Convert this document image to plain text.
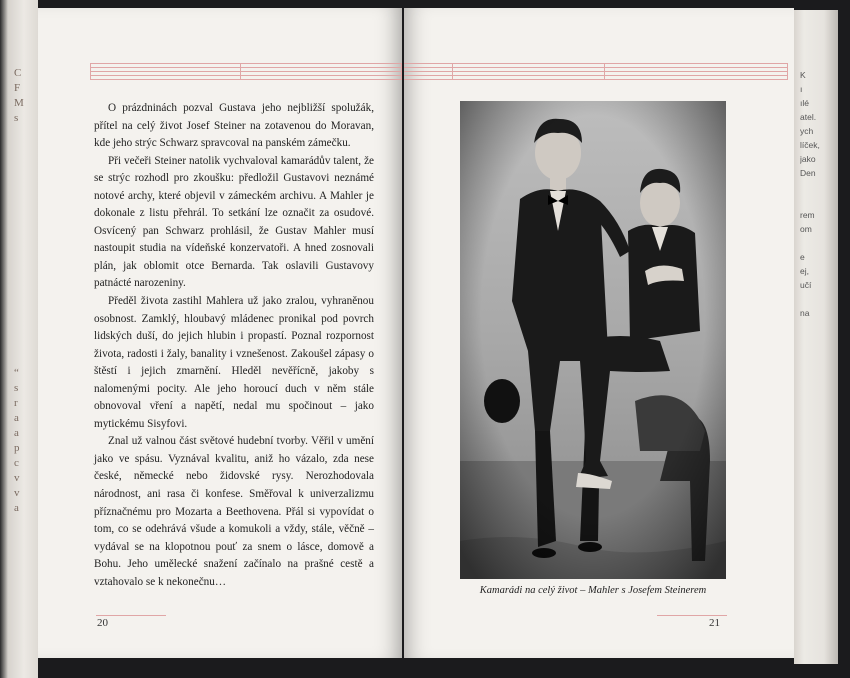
C
F
M
s

“
s
r
a
a
p
c
v
v
a
K
ı
ılé
atel.
ych
líček,
jako
Den

rem
om

e
ej,
učí

na

O prázdninách pozval Gustava jeho nejbližší spolužák, přítel na celý život Josef Steiner na zotavenou do Moravan, kde jeho strýc Schwarz spravcoval na panském zámečku.

Při večeři Steiner natolik vychvaloval kamarádův talent, že se strýc rozhodl pro zkoušku: předložil Gustavovi neznámé notové archy, které objevil v zámeckém archivu. A Mahler je dokonale z listu přehrál. To setkání lze označit za osudové. Osvícený pan Schwarz prohlásil, že Gustav Mahler musí nastoupit studia na vídeňské konzervatoři. A hned zosnovali plán, jak oblomit otce Bernarda. Tak oslavili Gustavovy patnácté narozeniny.

Předěl života zastihl Mahlera už jako zralou, vyhraněnou osobnost. Zamklý, hloubavý mládenec pronikal pod povrch lidských duší, do jejich hlubin i propastí. Poznal rozpornost života, radosti i žaly, banality i vznešenost. Zakoušel zápasy o štěstí i jejich zmarnění. Hleděl nevěřícně, jakoby s nalomenými pocity. Ale jeho horoucí duch v něm stále obnovoval vření a napětí, nedal mu spočinout – jako mytickému Sisyfovi.

Znal už valnou část světové hudební tvorby. Věřil v umění jako ve spásu. Vyznával kvalitu, aniž ho vázalo, zda nese české, německé nebo židovské rysy. Nerozhodovala národnost, ani rasa či konfese. Směřoval k univerzalizmu příznačnému pro Mozarta a Beethovena. Přál si vypovídat o tom, co se odehrává všude a komukoli a vždy, stále, věčně – vydával se na klopotnou pouť za snem o lásce, domově a Bohu. Jeho umělecké snažení začínalo na prašné cestě a vztahovalo se k nekonečnu…

Kamarádi na celý život – Mahler s Josefem Steinerem
20	21
